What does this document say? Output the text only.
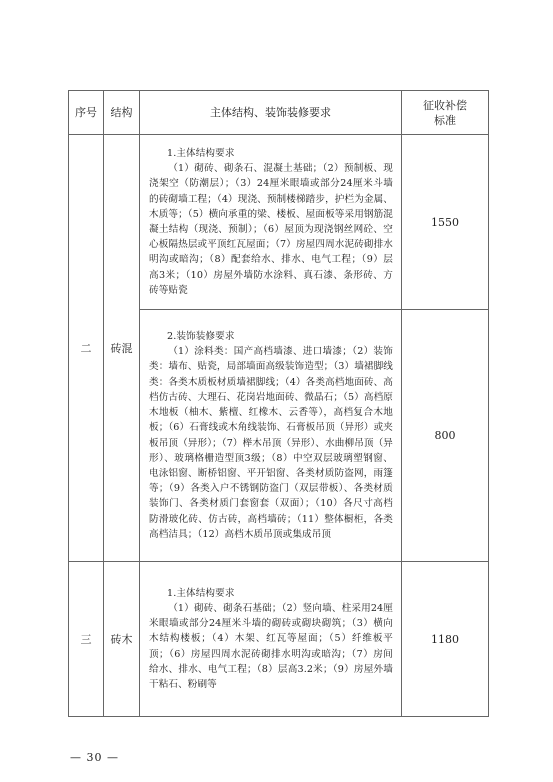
序号	结构	主体结构、装饰装修要求	征收补偿
标准
二	砖混	1.主体结构要求
（1）砌砖、砌条石、混凝土基础；（2）预制板、现浇架空（防潮层）；（3）24厘米眼墙或部分24厘米斗墙的砖砌墙工程；（4）现浇、预制楼梯踏步，护栏为金属、木质等；（5）横向承重的梁、楼板、屋面板等采用钢筋混凝土结构（现浇、预制）；（6）屋顶为现浇钢丝网砼、空心板隔热层或平顶红瓦屋面；（7）房屋四周水泥砖砌排水明沟或暗沟；（8）配套给水、排水、电气工程；（9）层高3米；（10）房屋外墙防水涂料、真石漆、条形砖、方砖等贴瓷	1550

		2.装饰装修要求
（1）涂料类：国产高档墙漆、进口墙漆；（2）装饰类：墙布、贴瓷，局部墙面高级装饰造型；（3）墙裙脚线类：各类木质板材质墙裙脚线；（4）各类高档地面砖、高档仿古砖、大理石、花岗岩地面砖、微晶石；（5）高档原木地板（柚木、紫檀、红橡木、云香等），高档复合木地板；（6）石膏线或木角线装饰、石膏板吊顶（异形）或夹板吊顶（异形）；（7）榉木吊顶（异形）、水曲柳吊顶（异形）、玻璃格栅造型顶3级；（8）中空双层玻璃塑钢窗、电泳铝窗、断桥铝窗、平开铝窗、各类材质防盗网，雨篷等；（9）各类入户不锈钢防盗门（双层带板）、各类材质装饰门、各类材质门套窗套（双面）；（10）各尺寸高档防滑玻化砖、仿古砖，高档墙砖；（11）整体橱柜，各类高档洁具；（12）高档木质吊顶或集成吊顶	800
三	砖木	1.主体结构要求
（1）砌砖、砌条石基础；（2）竖向墙、柱采用24厘米眼墙或部分24厘米斗墙的砌砖或砌块砌筑；（3）横向木结构楼板；（4）木架、红瓦等屋面；（5）纤维板平顶；（6）房屋四周水泥砖砌排水明沟或暗沟；（7）房间给水、排水、电气工程；（8）层高3.2米；（9）房屋外墙干粘石、粉刷等	1180
— 30 —
